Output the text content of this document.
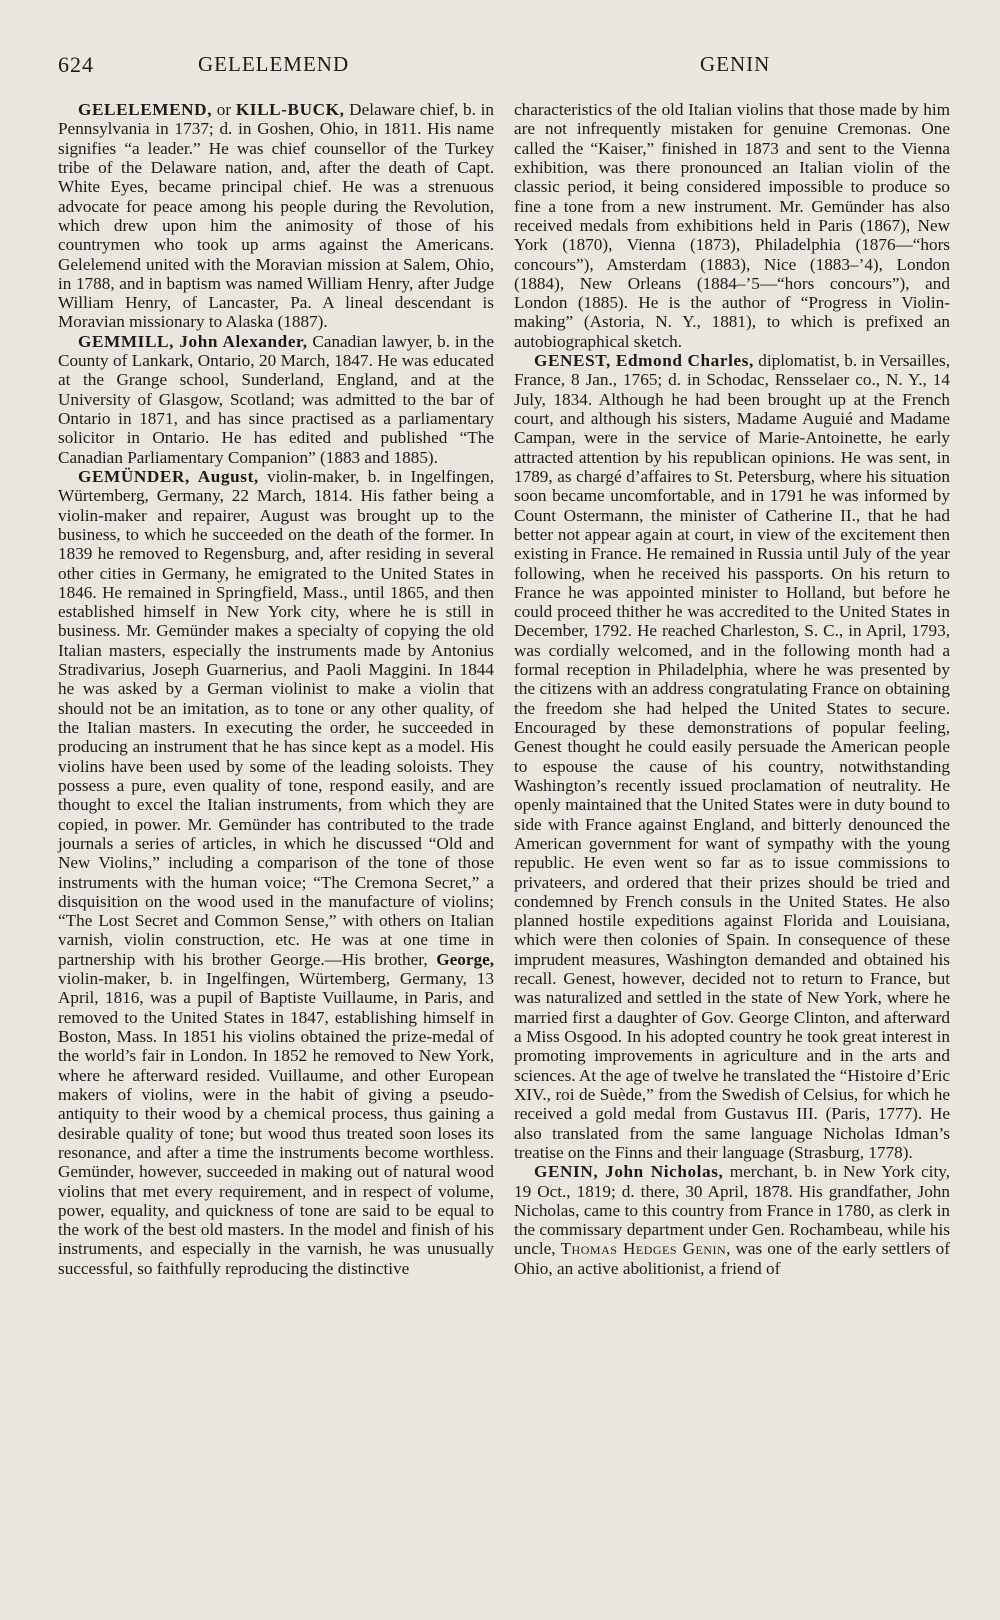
624	GELELEMEND	GENIN

GELELEMEND, or KILL-BUCK, Delaware chief, b. in Pennsylvania in 1737; d. in Goshen, Ohio, in 1811. His name signifies “a leader.” He was chief counsellor of the Turkey tribe of the Delaware nation, and, after the death of Capt. White Eyes, became principal chief. He was a strenuous advocate for peace among his people during the Revolution, which drew upon him the animosity of those of his countrymen who took up arms against the Americans. Gelelemend united with the Moravian mission at Salem, Ohio, in 1788, and in baptism was named William Henry, after Judge William Henry, of Lancaster, Pa. A lineal descendant is Moravian missionary to Alaska (1887).

GEMMILL, John Alexander, Canadian lawyer, b. in the County of Lankark, Ontario, 20 March, 1847. He was educated at the Grange school, Sunderland, England, and at the University of Glasgow, Scotland; was admitted to the bar of Ontario in 1871, and has since practised as a parliamentary solicitor in Ontario. He has edited and published “The Canadian Parliamentary Companion” (1883 and 1885).

GEMÜNDER, August, violin-maker, b. in Ingelfingen, Würtemberg, Germany, 22 March, 1814. His father being a violin-maker and repairer, August was brought up to the business, to which he succeeded on the death of the former. In 1839 he removed to Regensburg, and, after residing in several other cities in Germany, he emigrated to the United States in 1846. He remained in Springfield, Mass., until 1865, and then established himself in New York city, where he is still in business. Mr. Gemünder makes a specialty of copying the old Italian masters, especially the instruments made by Antonius Stradivarius, Joseph Guarnerius, and Paoli Maggini. In 1844 he was asked by a German violinist to make a violin that should not be an imitation, as to tone or any other quality, of the Italian masters. In executing the order, he succeeded in producing an instrument that he has since kept as a model. His violins have been used by some of the leading soloists. They possess a pure, even quality of tone, respond easily, and are thought to excel the Italian instruments, from which they are copied, in power. Mr. Gemünder has contributed to the trade journals a series of articles, in which he discussed “Old and New Violins,” including a comparison of the tone of those instruments with the human voice; “The Cremona Secret,” a disquisition on the wood used in the manufacture of violins; “The Lost Secret and Common Sense,” with others on Italian varnish, violin construction, etc. He was at one time in partnership with his brother George.—His brother, George, violin-maker, b. in Ingelfingen, Würtemberg, Germany, 13 April, 1816, was a pupil of Baptiste Vuillaume, in Paris, and removed to the United States in 1847, establishing himself in Boston, Mass. In 1851 his violins obtained the prize-medal of the world’s fair in London. In 1852 he removed to New York, where he afterward resided. Vuillaume, and other European makers of violins, were in the habit of giving a pseudo-antiquity to their wood by a chemical process, thus gaining a desirable quality of tone; but wood thus treated soon loses its resonance, and after a time the instruments become worthless. Gemünder, however, succeeded in making out of natural wood violins that met every requirement, and in respect of volume, power, equality, and quickness of tone are said to be equal to the work of the best old masters. In the model and finish of his instruments, and especially in the varnish, he was unusually successful, so faithfully reproducing the distinctive

characteristics of the old Italian violins that those made by him are not infrequently mistaken for genuine Cremonas. One called the “Kaiser,” finished in 1873 and sent to the Vienna exhibition, was there pronounced an Italian violin of the classic period, it being considered impossible to produce so fine a tone from a new instrument. Mr. Gemünder has also received medals from exhibitions held in Paris (1867), New York (1870), Vienna (1873), Philadelphia (1876—“hors concours”), Amsterdam (1883), Nice (1883–’4), London (1884), New Orleans (1884–’5—“hors concours”), and London (1885). He is the author of “Progress in Violin-making” (Astoria, N. Y., 1881), to which is prefixed an autobiographical sketch.

GENEST, Edmond Charles, diplomatist, b. in Versailles, France, 8 Jan., 1765; d. in Schodac, Rensselaer co., N. Y., 14 July, 1834. Although he had been brought up at the French court, and although his sisters, Madame Auguié and Madame Campan, were in the service of Marie-Antoinette, he early attracted attention by his republican opinions. He was sent, in 1789, as chargé d’affaires to St. Petersburg, where his situation soon became uncomfortable, and in 1791 he was informed by Count Ostermann, the minister of Catherine II., that he had better not appear again at court, in view of the excitement then existing in France. He remained in Russia until July of the year following, when he received his passports. On his return to France he was appointed minister to Holland, but before he could proceed thither he was accredited to the United States in December, 1792. He reached Charleston, S. C., in April, 1793, was cordially welcomed, and in the following month had a formal reception in Philadelphia, where he was presented by the citizens with an address congratulating France on obtaining the freedom she had helped the United States to secure. Encouraged by these demonstrations of popular feeling, Genest thought he could easily persuade the American people to espouse the cause of his country, notwithstanding Washington’s recently issued proclamation of neutrality. He openly maintained that the United States were in duty bound to side with France against England, and bitterly denounced the American government for want of sympathy with the young republic. He even went so far as to issue commissions to privateers, and ordered that their prizes should be tried and condemned by French consuls in the United States. He also planned hostile expeditions against Florida and Louisiana, which were then colonies of Spain. In consequence of these imprudent measures, Washington demanded and obtained his recall. Genest, however, decided not to return to France, but was naturalized and settled in the state of New York, where he married first a daughter of Gov. George Clinton, and afterward a Miss Osgood. In his adopted country he took great interest in promoting improvements in agriculture and in the arts and sciences. At the age of twelve he translated the “Histoire d’Eric XIV., roi de Suède,” from the Swedish of Celsius, for which he received a gold medal from Gustavus III. (Paris, 1777). He also translated from the same language Nicholas Idman’s treatise on the Finns and their language (Strasburg, 1778).

GENIN, John Nicholas, merchant, b. in New York city, 19 Oct., 1819; d. there, 30 April, 1878. His grandfather, John Nicholas, came to this country from France in 1780, as clerk in the commissary department under Gen. Rochambeau, while his uncle, Thomas Hedges Genin, was one of the early settlers of Ohio, an active abolitionist, a friend of
